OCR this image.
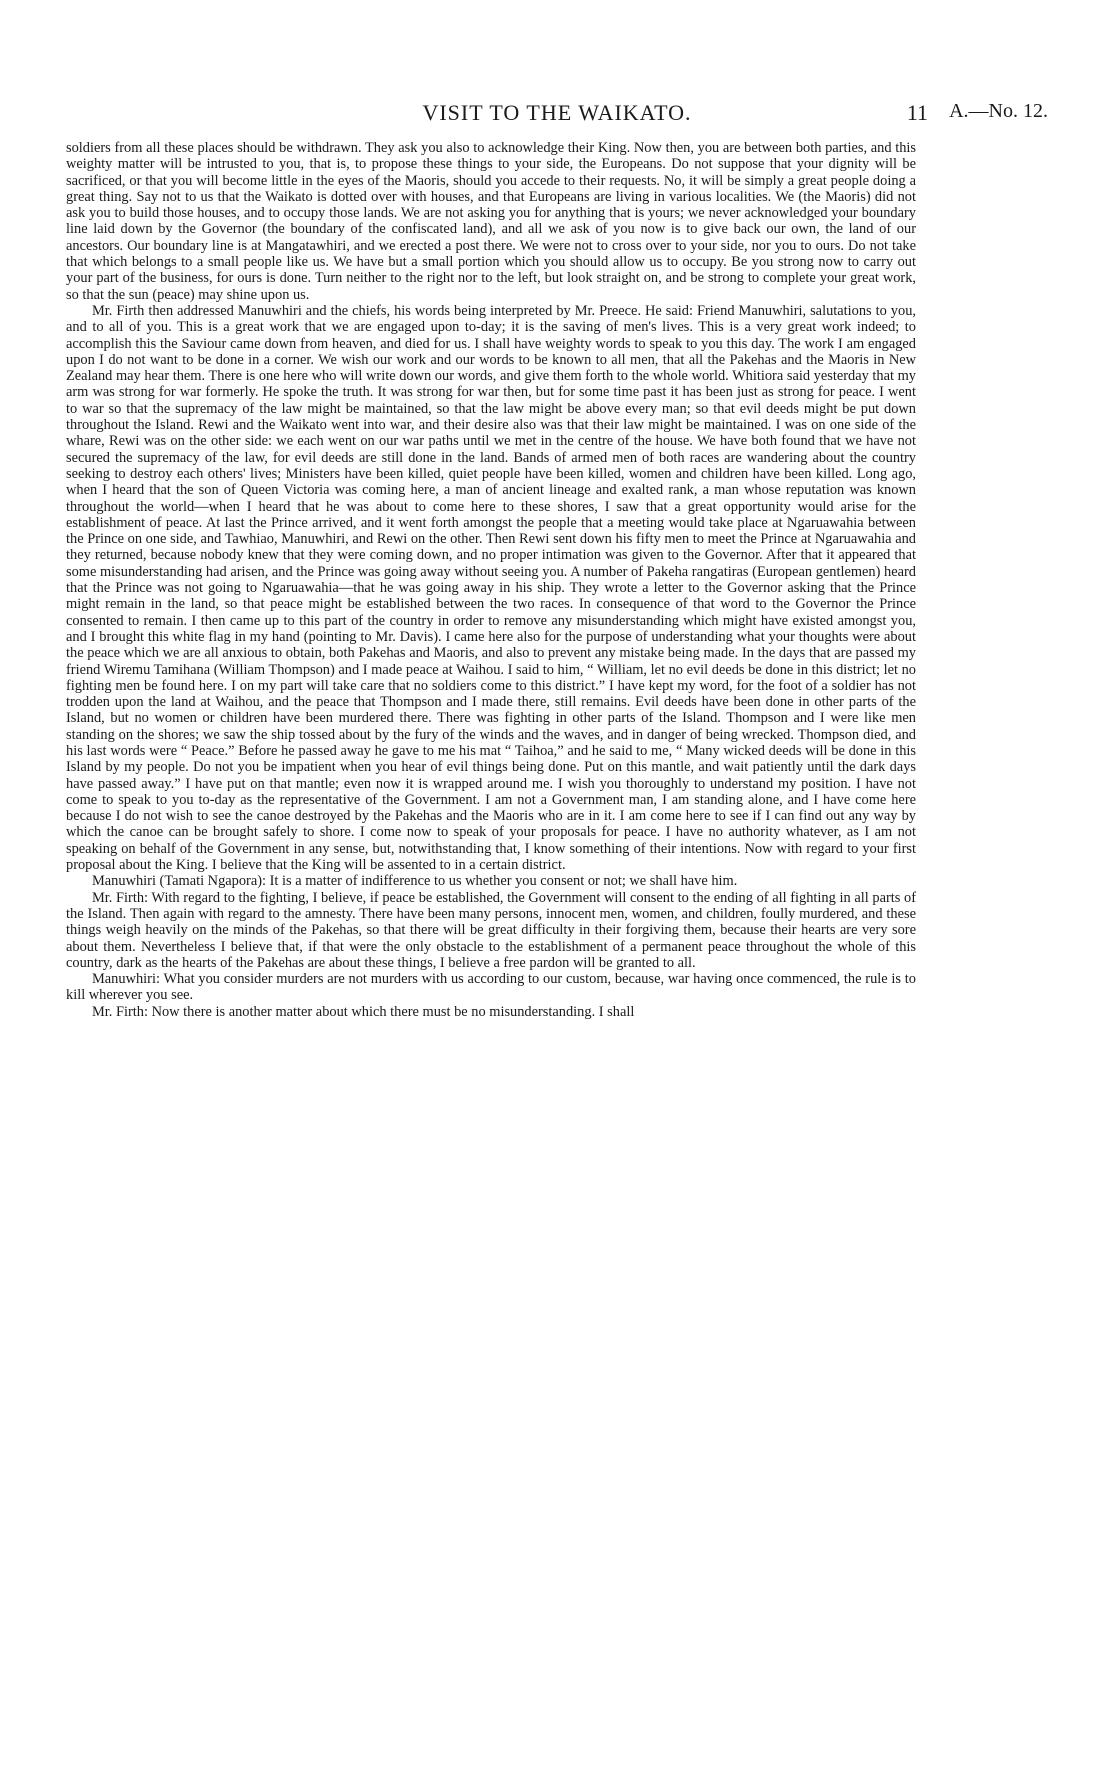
VISIT TO THE WAIKATO.	11 A.—No. 12.

soldiers from all these places should be withdrawn. They ask you also to acknowledge their King. Now then, you are between both parties, and this weighty matter will be intrusted to you, that is, to propose these things to your side, the Europeans. Do not suppose that your dignity will be sacrificed, or that you will become little in the eyes of the Maoris, should you accede to their requests. No, it will be simply a great people doing a great thing. Say not to us that the Waikato is dotted over with houses, and that Europeans are living in various localities. We (the Maoris) did not ask you to build those houses, and to occupy those lands. We are not asking you for anything that is yours; we never acknowledged your boundary line laid down by the Governor (the boundary of the confiscated land), and all we ask of you now is to give back our own, the land of our ancestors. Our boundary line is at Mangatawhiri, and we erected a post there. We were not to cross over to your side, nor you to ours. Do not take that which belongs to a small people like us. We have but a small portion which you should allow us to occupy. Be you strong now to carry out your part of the business, for ours is done. Turn neither to the right nor to the left, but look straight on, and be strong to complete your great work, so that the sun (peace) may shine upon us.

Mr. Firth then addressed Manuwhiri and the chiefs, his words being interpreted by Mr. Preece. He said: Friend Manuwhiri, salutations to you, and to all of you. This is a great work that we are engaged upon to-day; it is the saving of men's lives. This is a very great work indeed; to accomplish this the Saviour came down from heaven, and died for us. I shall have weighty words to speak to you this day. The work I am engaged upon I do not want to be done in a corner. We wish our work and our words to be known to all men, that all the Pakehas and the Maoris in New Zealand may hear them. There is one here who will write down our words, and give them forth to the whole world. Whitiora said yesterday that my arm was strong for war formerly. He spoke the truth. It was strong for war then, but for some time past it has been just as strong for peace. I went to war so that the supremacy of the law might be maintained, so that the law might be above every man; so that evil deeds might be put down throughout the Island. Rewi and the Waikato went into war, and their desire also was that their law might be maintained. I was on one side of the whare, Rewi was on the other side: we each went on our war paths until we met in the centre of the house. We have both found that we have not secured the supremacy of the law, for evil deeds are still done in the land. Bands of armed men of both races are wandering about the country seeking to destroy each others' lives; Ministers have been killed, quiet people have been killed, women and children have been killed. Long ago, when I heard that the son of Queen Victoria was coming here, a man of ancient lineage and exalted rank, a man whose reputation was known throughout the world—when I heard that he was about to come here to these shores, I saw that a great opportunity would arise for the establishment of peace. At last the Prince arrived, and it went forth amongst the people that a meeting would take place at Ngaruawahia between the Prince on one side, and Tawhiao, Manuwhiri, and Rewi on the other. Then Rewi sent down his fifty men to meet the Prince at Ngaruawahia and they returned, because nobody knew that they were coming down, and no proper intimation was given to the Governor. After that it appeared that some misunderstanding had arisen, and the Prince was going away without seeing you. A number of Pakeha rangatiras (European gentlemen) heard that the Prince was not going to Ngaruawahia—that he was going away in his ship. They wrote a letter to the Governor asking that the Prince might remain in the land, so that peace might be established between the two races. In consequence of that word to the Governor the Prince consented to remain. I then came up to this part of the country in order to remove any misunderstanding which might have existed amongst you, and I brought this white flag in my hand (pointing to Mr. Davis). I came here also for the purpose of understanding what your thoughts were about the peace which we are all anxious to obtain, both Pakehas and Maoris, and also to prevent any mistake being made. In the days that are passed my friend Wiremu Tamihana (William Thompson) and I made peace at Waihou. I said to him, “ William, let no evil deeds be done in this district; let no fighting men be found here. I on my part will take care that no soldiers come to this district.” I have kept my word, for the foot of a soldier has not trodden upon the land at Waihou, and the peace that Thompson and I made there, still remains. Evil deeds have been done in other parts of the Island, but no women or children have been murdered there. There was fighting in other parts of the Island. Thompson and I were like men standing on the shores; we saw the ship tossed about by the fury of the winds and the waves, and in danger of being wrecked. Thompson died, and his last words were “ Peace.” Before he passed away he gave to me his mat “ Taihoa,” and he said to me, “ Many wicked deeds will be done in this Island by my people. Do not you be impatient when you hear of evil things being done. Put on this mantle, and wait patiently until the dark days have passed away.” I have put on that mantle; even now it is wrapped around me. I wish you thoroughly to understand my position. I have not come to speak to you to-day as the representative of the Government. I am not a Government man, I am standing alone, and I have come here because I do not wish to see the canoe destroyed by the Pakehas and the Maoris who are in it. I am come here to see if I can find out any way by which the canoe can be brought safely to shore. I come now to speak of your proposals for peace. I have no authority whatever, as I am not speaking on behalf of the Government in any sense, but, notwithstanding that, I know something of their intentions. Now with regard to your first proposal about the King. I believe that the King will be assented to in a certain district.

Manuwhiri (Tamati Ngapora): It is a matter of indifference to us whether you consent or not; we shall have him.

Mr. Firth: With regard to the fighting, I believe, if peace be established, the Government will consent to the ending of all fighting in all parts of the Island. Then again with regard to the amnesty. There have been many persons, innocent men, women, and children, foully murdered, and these things weigh heavily on the minds of the Pakehas, so that there will be great difficulty in their forgiving them, because their hearts are very sore about them. Nevertheless I believe that, if that were the only obstacle to the establishment of a permanent peace throughout the whole of this country, dark as the hearts of the Pakehas are about these things, I believe a free pardon will be granted to all.

Manuwhiri: What you consider murders are not murders with us according to our custom, because, war having once commenced, the rule is to kill wherever you see.

Mr. Firth: Now there is another matter about which there must be no misunderstanding. I shall
